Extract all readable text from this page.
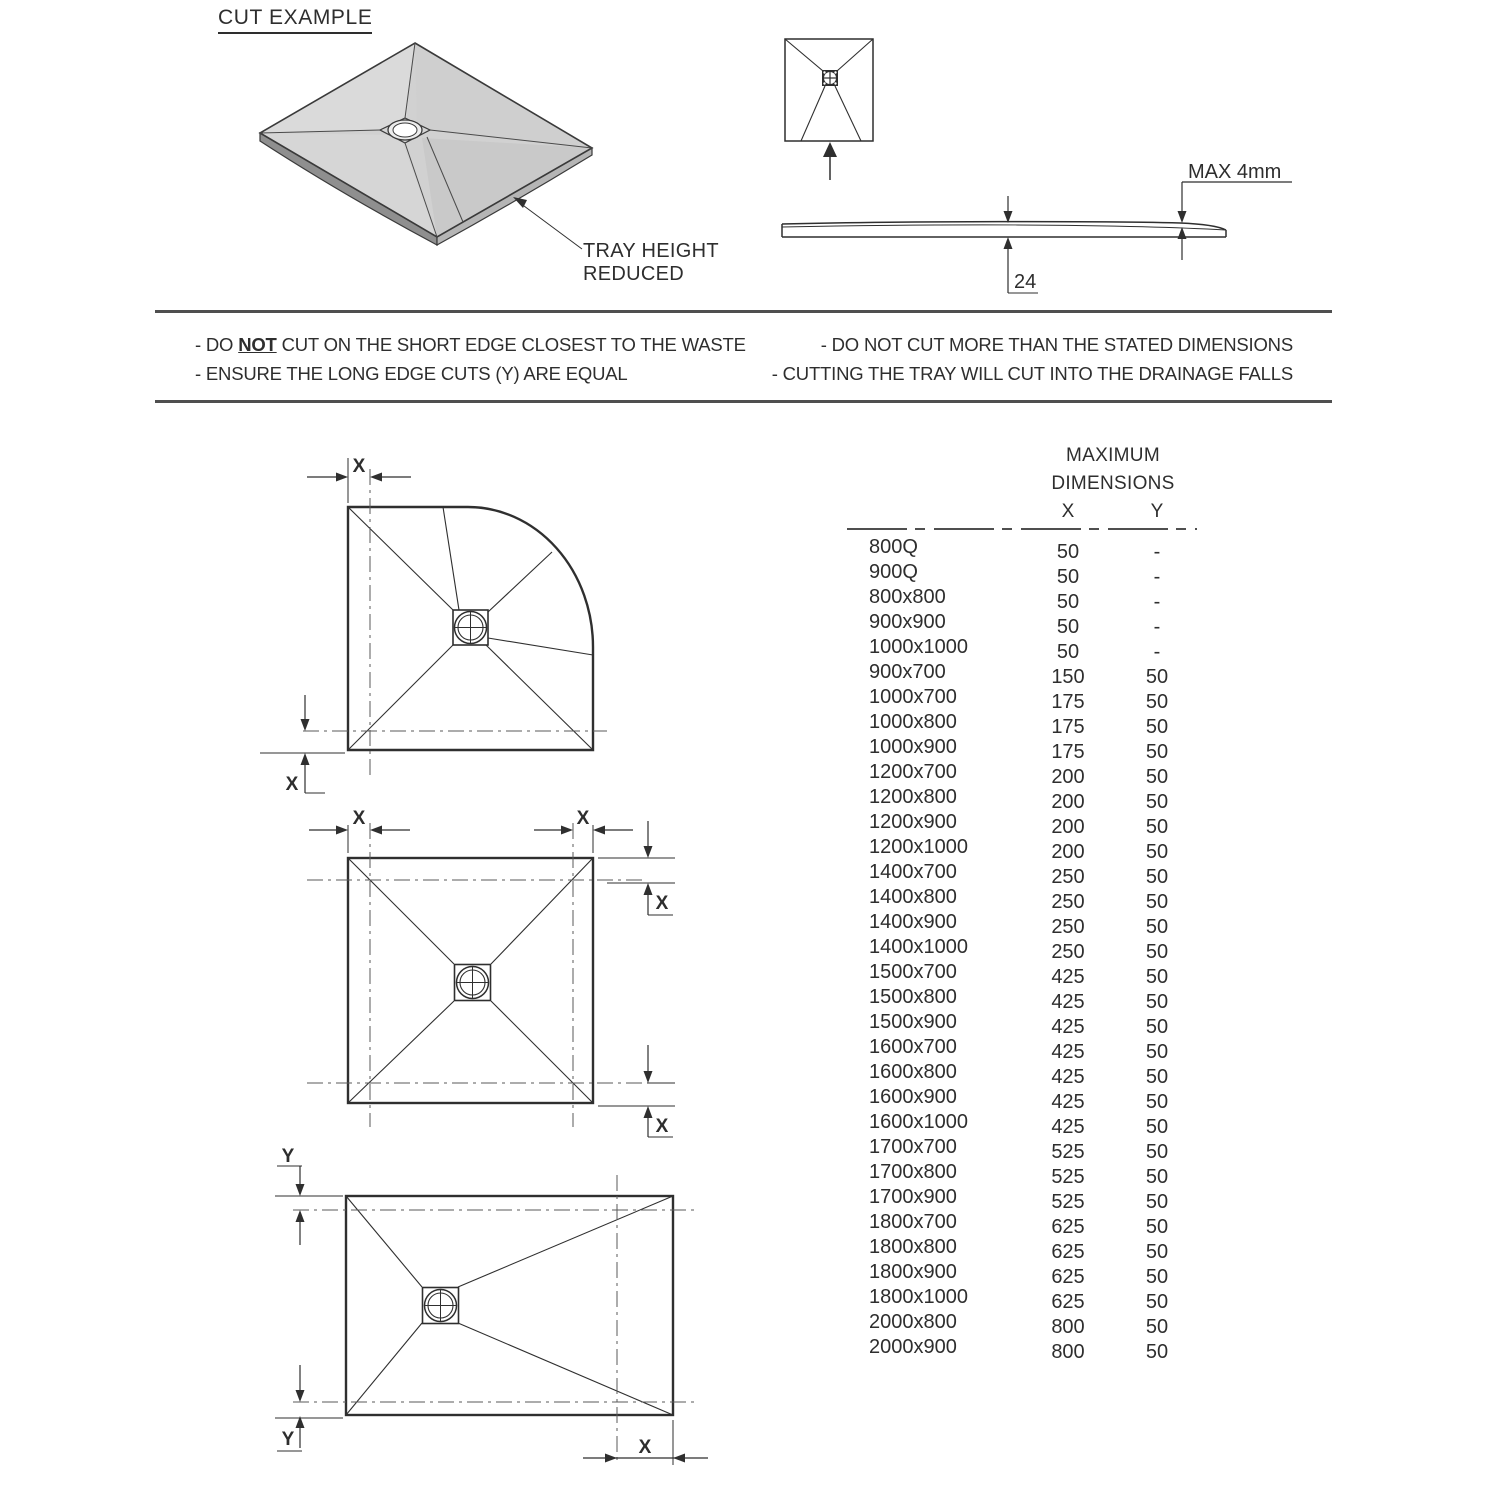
CUT EXAMPLE
TRAY HEIGHT
REDUCED	24
MAX 4mm
- DO NOT CUT ON THE SHORT EDGE CLOSEST TO THE WASTE
- ENSURE THE LONG EDGE CUTS (Y) ARE EQUAL
- DO NOT CUT MORE THAN THE STATED DIMENSIONS
- CUTTING THE TRAY WILL CUT INTO THE DRAINAGE FALLS
X
X
X	X
X
X
Y
Y	X
MAXIMUM
DIMENSIONS
X	Y
800Q	50	-
900Q	50	-
800x800	50	-
900x900	50	-
1000x1000	50	-
900x700	150	50
1000x700	175	50
1000x800	175	50
1000x900	175	50
1200x700	200	50
1200x800	200	50
1200x900	200	50
1200x1000	200	50
1400x700	250	50
1400x800	250	50
1400x900	250	50
1400x1000	250	50
1500x700	425	50
1500x800	425	50
1500x900	425	50
1600x700	425	50
1600x800	425	50
1600x900	425	50
1600x1000	425	50
1700x700	525	50
1700x800	525	50
1700x900	525	50
1800x700	625	50
1800x800	625	50
1800x900	625	50
1800x1000	625	50
2000x800	800	50
2000x900	800	50
